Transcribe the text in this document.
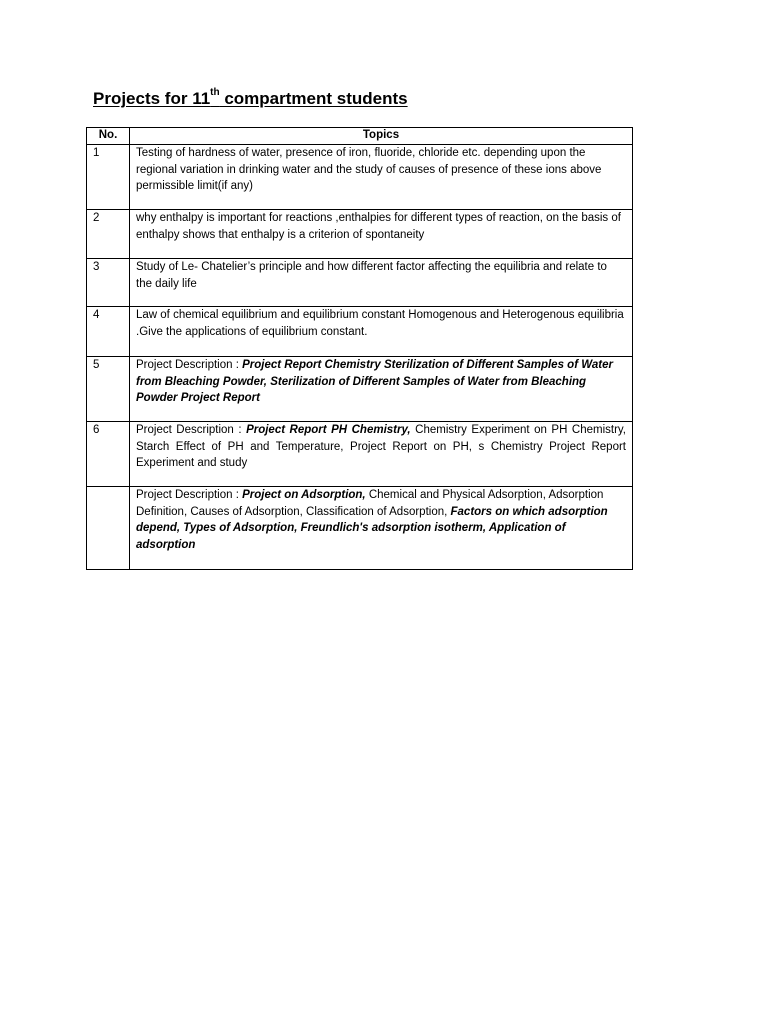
Projects for 11th compartment students
No.	Topics
1	Testing of hardness of water, presence of iron, fluoride, chloride etc. depending upon the regional variation in drinking water and the study of causes of presence of these ions above permissible limit(if any)
2	why enthalpy is important for reactions ,enthalpies for different types of reaction, on the basis of enthalpy shows that enthalpy is a criterion of spontaneity
3	Study of Le- Chatelier’s principle and how different factor affecting the equilibria and relate to the daily life
4	Law of chemical equilibrium and equilibrium constant Homogenous and Heterogenous equilibria .Give the applications of equilibrium constant.
5	Project Description : Project Report Chemistry Sterilization of Different Samples of Water from Bleaching Powder, Sterilization of Different Samples of Water from Bleaching Powder Project Report
6	Project Description : Project Report PH Chemistry, Chemistry Experiment on PH Chemistry, Starch Effect of PH and Temperature, Project Report on PH, s Chemistry Project Report Experiment and study
	Project Description : Project on Adsorption, Chemical and Physical Adsorption, Adsorption Definition, Causes of Adsorption, Classification of Adsorption, Factors on which adsorption depend, Types of Adsorption, Freundlich's adsorption isotherm, Application of adsorption
